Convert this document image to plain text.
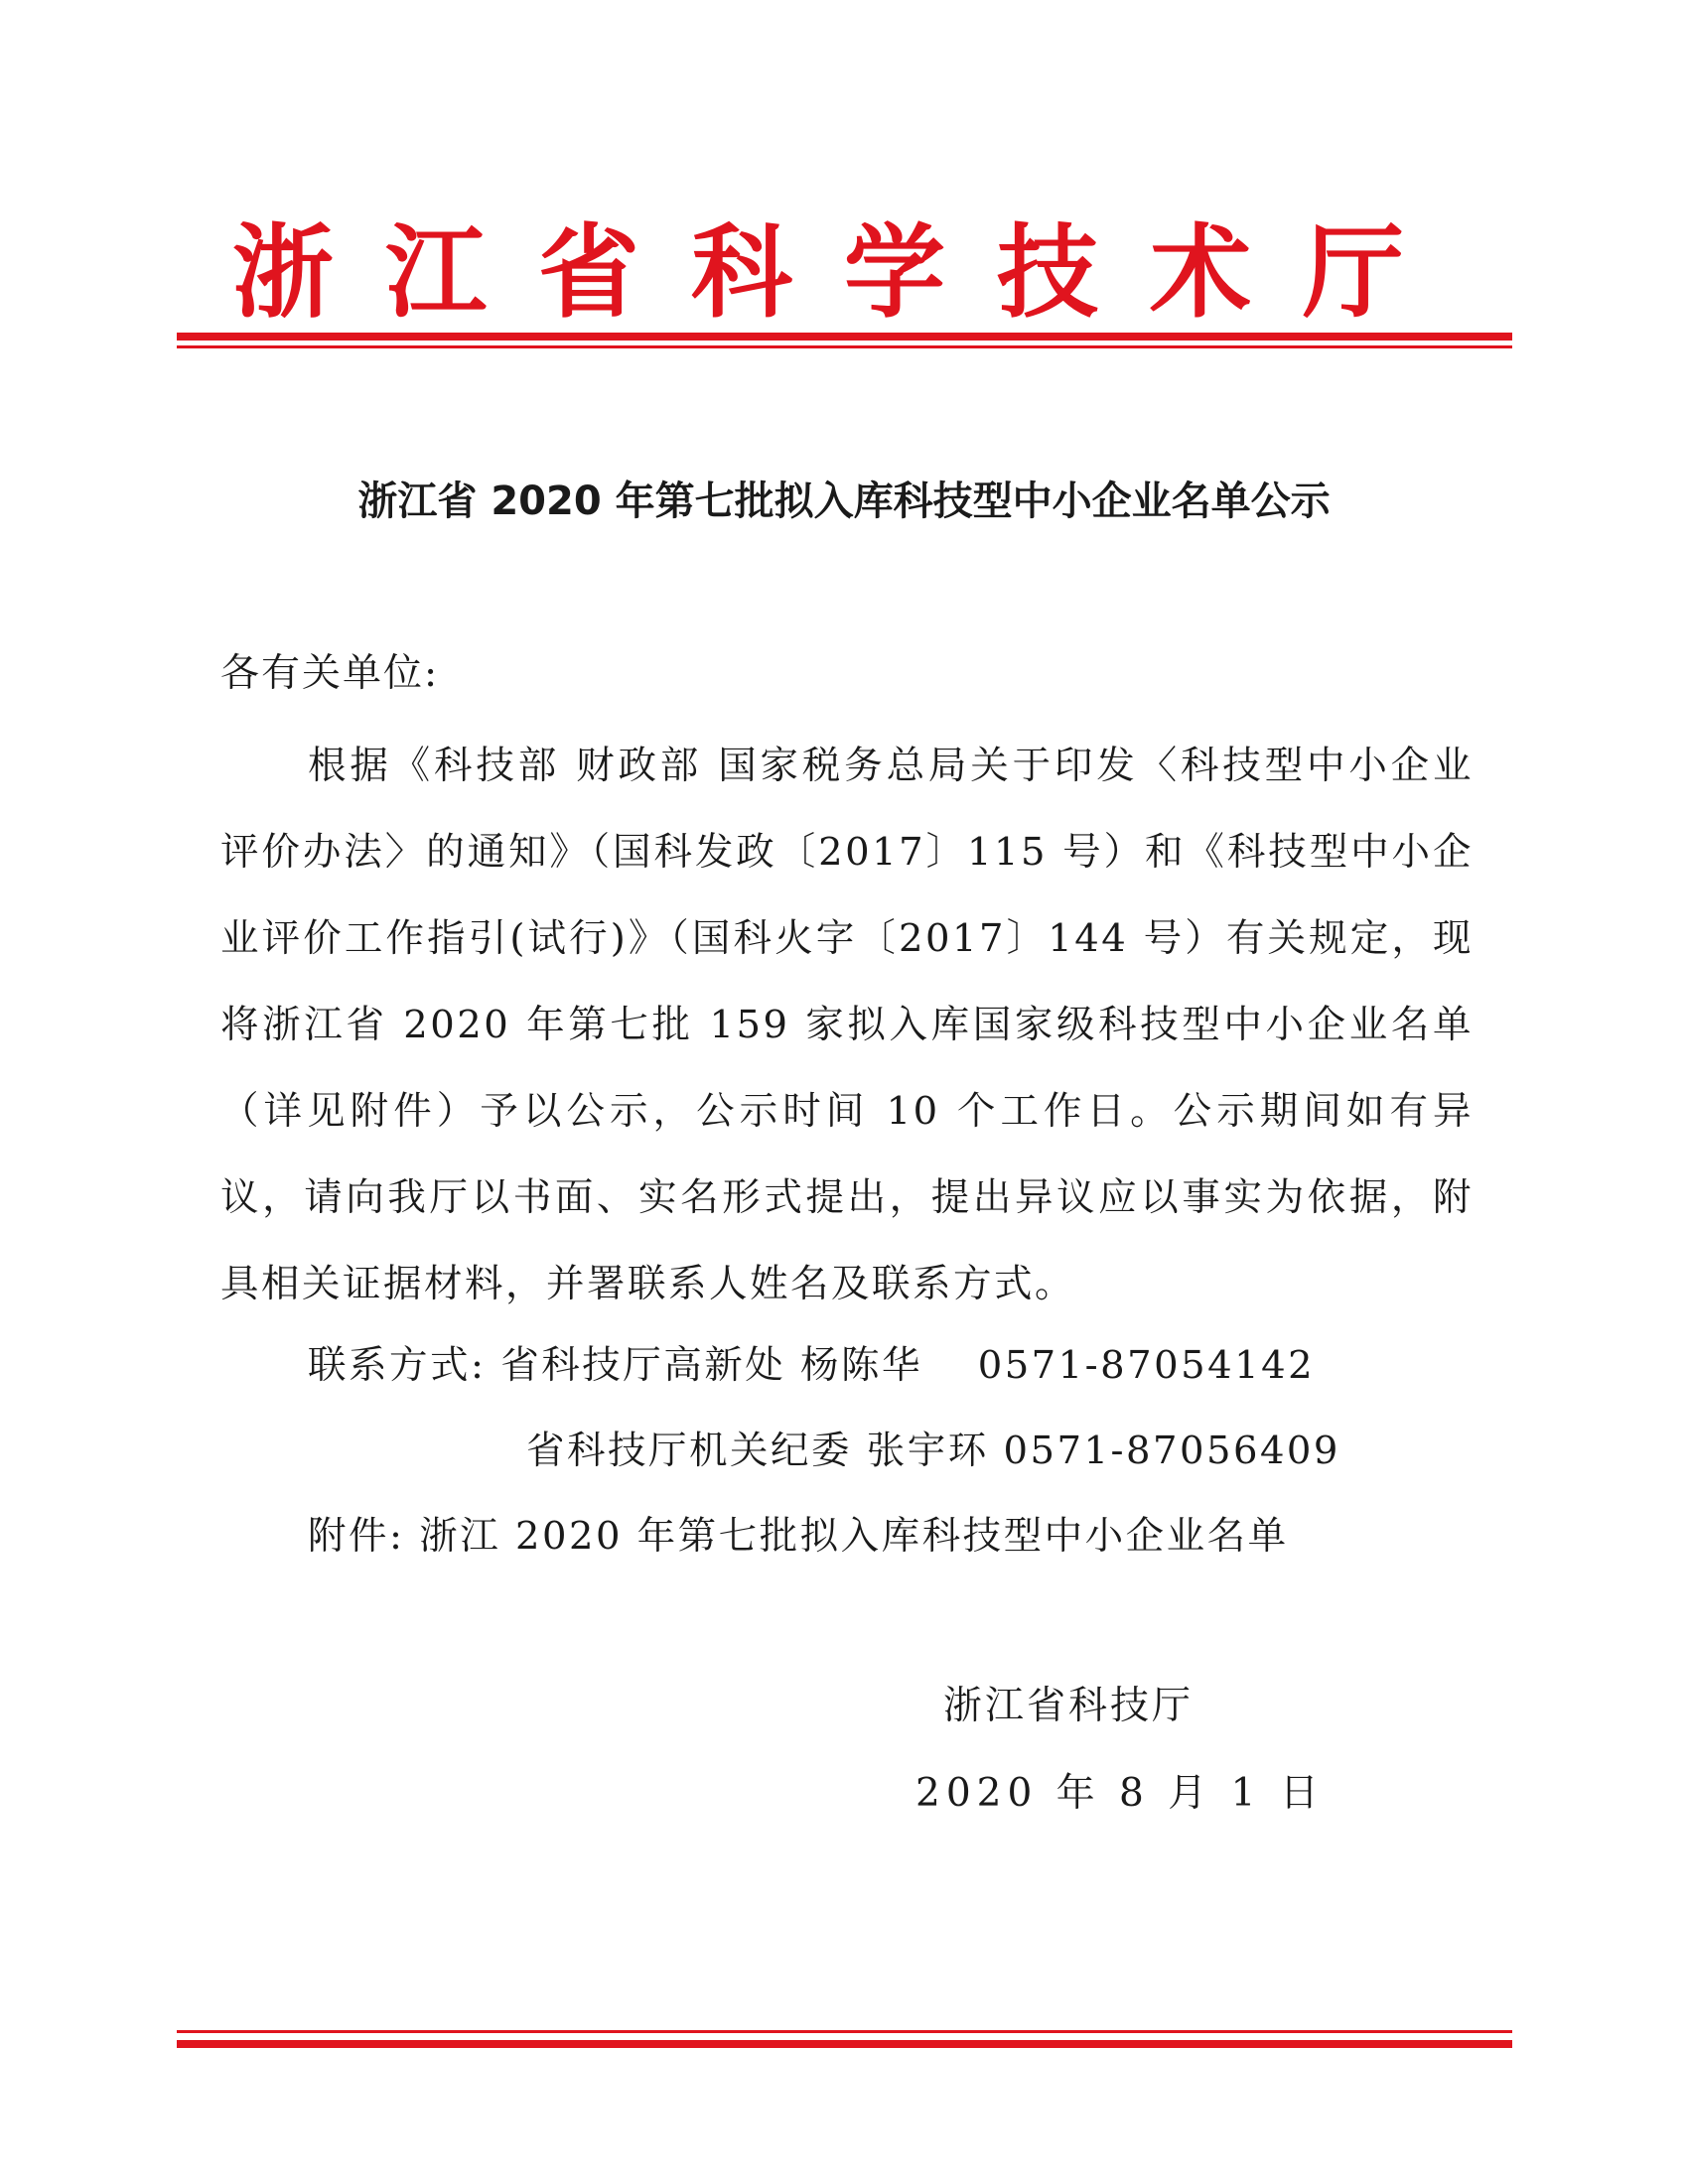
浙江省科学技术厅
浙江省 2020 年第七批拟入库科技型中小企业名单公示
各有关单位:
根据《科技部 财政部 国家税务总局关于印发〈科技型中小企业评价办法〉的通知》（国科发政〔2017〕115 号）和《科技型中小企业评价工作指引(试行)》（国科火字〔2017〕144 号）有关规定，现将浙江省 2020 年第七批 159 家拟入库国家级科技型中小企业名单（详见附件）予以公示，公示时间 10 个工作日。公示期间如有异议，请向我厅以书面、实名形式提出，提出异议应以事实为依据，附具相关证据材料，并署联系人姓名及联系方式。
联系方式: 省科技厅高新处 杨陈华　 0571-87054142
省科技厅机关纪委 张宇环 0571-87056409
附件: 浙江 2020 年第七批拟入库科技型中小企业名单
浙江省科技厅
2020 年 8 月 1 日
